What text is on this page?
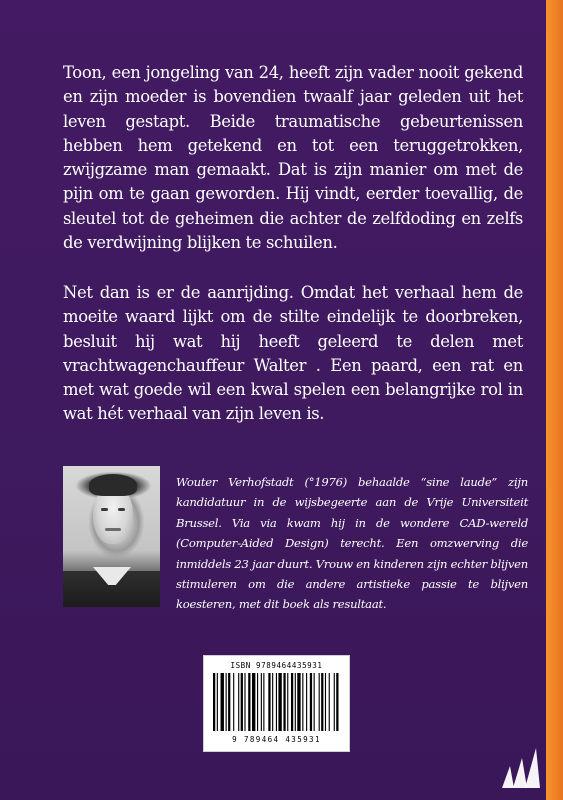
Toon, een jongeling van 24, heeft zijn vader nooit gekend en zijn moeder is bovendien twaalf jaar geleden uit het leven gestapt. Beide traumatische gebeurtenissen hebben hem getekend en tot een teruggetrokken, zwijgzame man gemaakt. Dat is zijn manier om met de pijn om te gaan geworden. Hij vindt, eerder toevallig, de sleutel tot de geheimen die achter de zelfdoding en zelfs de verdwijning blijken te schuilen.

Net dan is er de aanrijding. Omdat het verhaal hem de moeite waard lijkt om de stilte eindelijk te doorbreken, besluit hij wat hij heeft geleerd te delen met vrachtwagenchauffeur Walter . Een paard, een rat en met wat goede wil een kwal spelen een belangrijke rol in wat hét verhaal van zijn leven is.

Wouter Verhofstadt (°1976) behaalde “sine laude” zijn kandidatuur in de wijsbegeerte aan de Vrije Universiteit Brussel. Via via kwam hij in de wondere CAD-wereld (Computer-Aided Design) terecht. Een omzwerving die inmiddels 23 jaar duurt. Vrouw en kinderen zijn echter blijven stimuleren om die andere artistieke passie te blijven koesteren, met dit boek als resultaat.

ISBN 9789464435931
9 789464 435931
